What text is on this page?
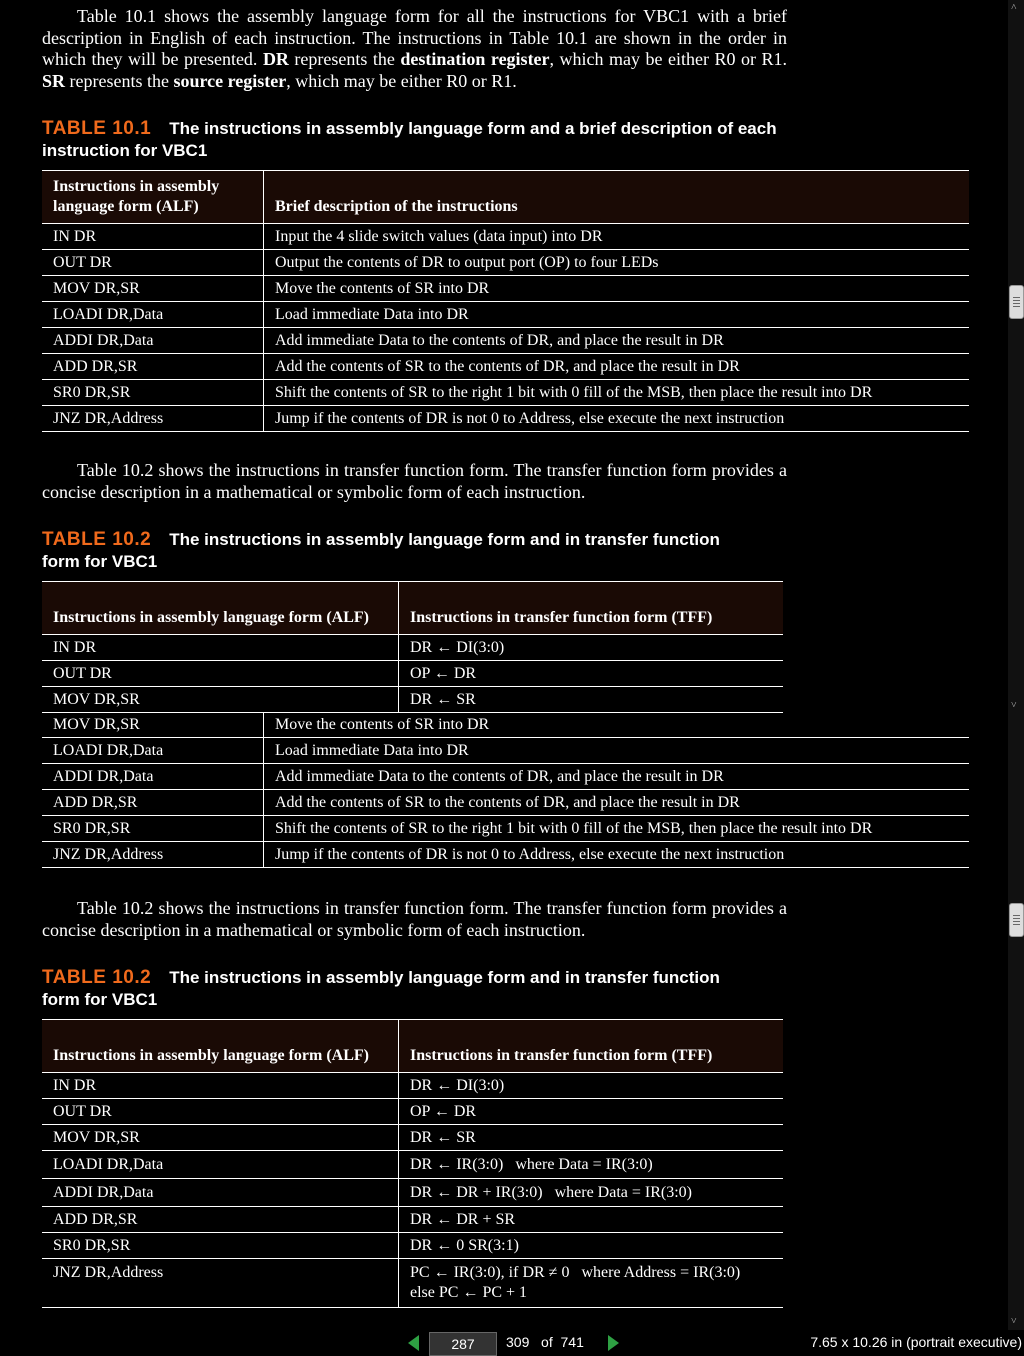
Table 10.1 shows the assembly language form for all the instructions for VBC1 with a brief description in English of each instruction. The instructions in Table 10.1 are shown in the order in which they will be presented. DR represents the destination register, which may be either R0 or R1. SR represents the source register, which may be either R0 or R1.

TABLE 10.1 The instructions in assembly language form and a brief description of each instruction for VBC1
Instructions in assembly language form (ALF)	Brief description of the instructions
IN DR	Input the 4 slide switch values (data input) into DR
OUT DR	Output the contents of DR to output port (OP) to four LEDs
MOV DR,SR	Move the contents of SR into DR
LOADI DR,Data	Load immediate Data into DR
ADDI DR,Data	Add immediate Data to the contents of DR, and place the result in DR
ADD DR,SR	Add the contents of SR to the contents of DR, and place the result in DR
SR0 DR,SR	Shift the contents of SR to the right 1 bit with 0 fill of the MSB, then place the result into DR
JNZ DR,Address	Jump if the contents of DR is not 0 to Address, else execute the next instruction

Table 10.2 shows the instructions in transfer function form. The transfer function form provides a concise description in a mathematical or symbolic form of each instruction.

TABLE 10.2 The instructions in assembly language form and in transfer function form for VBC1
Instructions in assembly language form (ALF)	Instructions in transfer function form (TFF)
IN DR	DR ← DI(3:0)
OUT DR	OP ← DR
MOV DR,SR	DR ← SR
MOV DR,SR	Move the contents of SR into DR
LOADI DR,Data	Load immediate Data into DR
ADDI DR,Data	Add immediate Data to the contents of DR, and place the result in DR
ADD DR,SR	Add the contents of SR to the contents of DR, and place the result in DR
SR0 DR,SR	Shift the contents of SR to the right 1 bit with 0 fill of the MSB, then place the result into DR
JNZ DR,Address	Jump if the contents of DR is not 0 to Address, else execute the next instruction

Table 10.2 shows the instructions in transfer function form. The transfer function form provides a concise description in a mathematical or symbolic form of each instruction.

TABLE 10.2 The instructions in assembly language form and in transfer function form for VBC1
Instructions in assembly language form (ALF)	Instructions in transfer function form (TFF)
IN DR	DR ← DI(3:0)
OUT DR	OP ← DR
MOV DR,SR	DR ← SR
LOADI DR,Data	DR ← IR(3:0)   where Data = IR(3:0)
ADDI DR,Data	DR ← DR + IR(3:0)   where Data = IR(3:0)
ADD DR,SR	DR ← DR + SR
SR0 DR,SR	DR ← 0 SR(3:1)
JNZ DR,Address	PC ← IR(3:0), if DR ≠ 0   where Address = IR(3:0)
else PC ← PC + 1
˄
˅
˅
287	309 of 741	7.65 x 10.26 in (portrait executive)
